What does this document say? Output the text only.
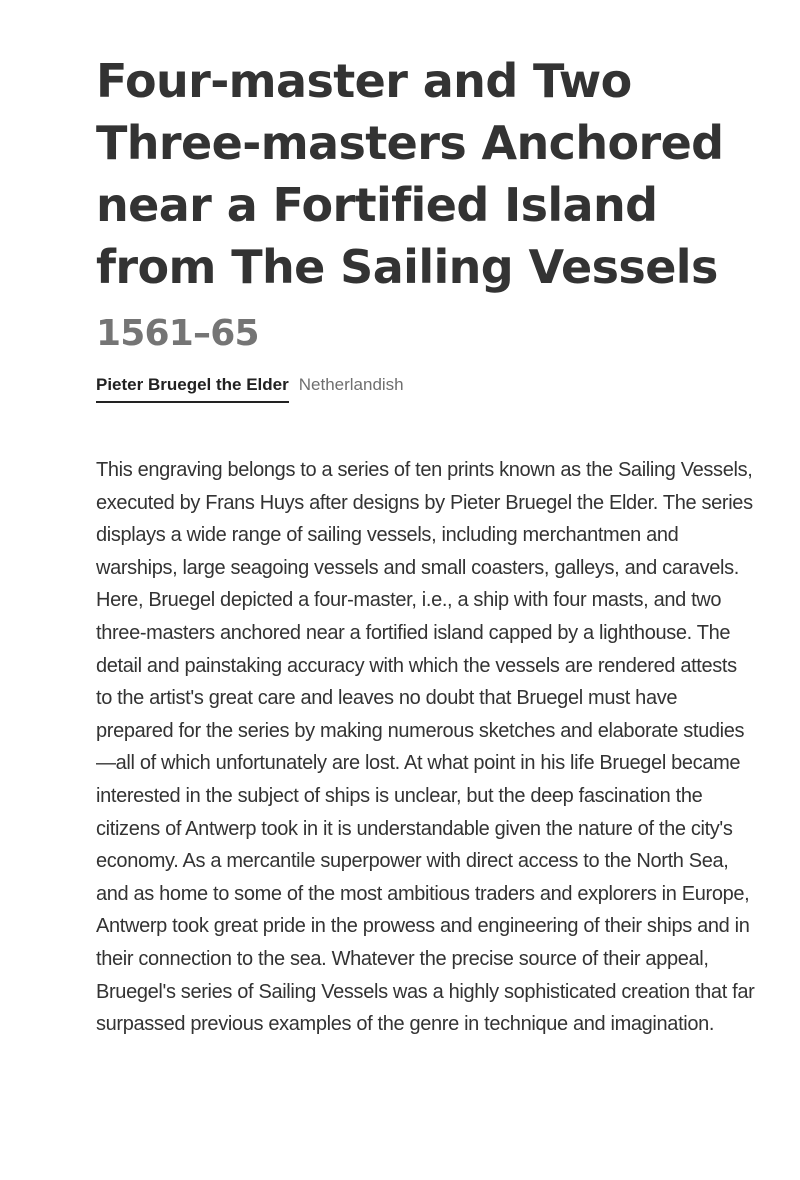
Four-master and Two Three-masters Anchored near a Fortified Island from The Sailing Vessels
1561–65
Pieter Bruegel the Elder Netherlandish

This engraving belongs to a series of ten prints known as the Sailing Vessels, executed by Frans Huys after designs by Pieter Bruegel the Elder. The series displays a wide range of sailing vessels, including merchantmen and warships, large seagoing vessels and small coasters, galleys, and caravels. Here, Bruegel depicted a four-master, i.e., a ship with four masts, and two three-masters anchored near a fortified island capped by a lighthouse. The detail and painstaking accuracy with which the vessels are rendered attests to the artist's great care and leaves no doubt that Bruegel must have prepared for the series by making numerous sketches and elaborate studies—all of which unfortunately are lost. At what point in his life Bruegel became interested in the subject of ships is unclear, but the deep fascination the citizens of Antwerp took in it is understandable given the nature of the city's economy. As a mercantile superpower with direct access to the North Sea, and as home to some of the most ambitious traders and explorers in Europe, Antwerp took great pride in the prowess and engineering of their ships and in their connection to the sea. Whatever the precise source of their appeal, Bruegel's series of Sailing Vessels was a highly sophisticated creation that far surpassed previous examples of the genre in technique and imagination.
